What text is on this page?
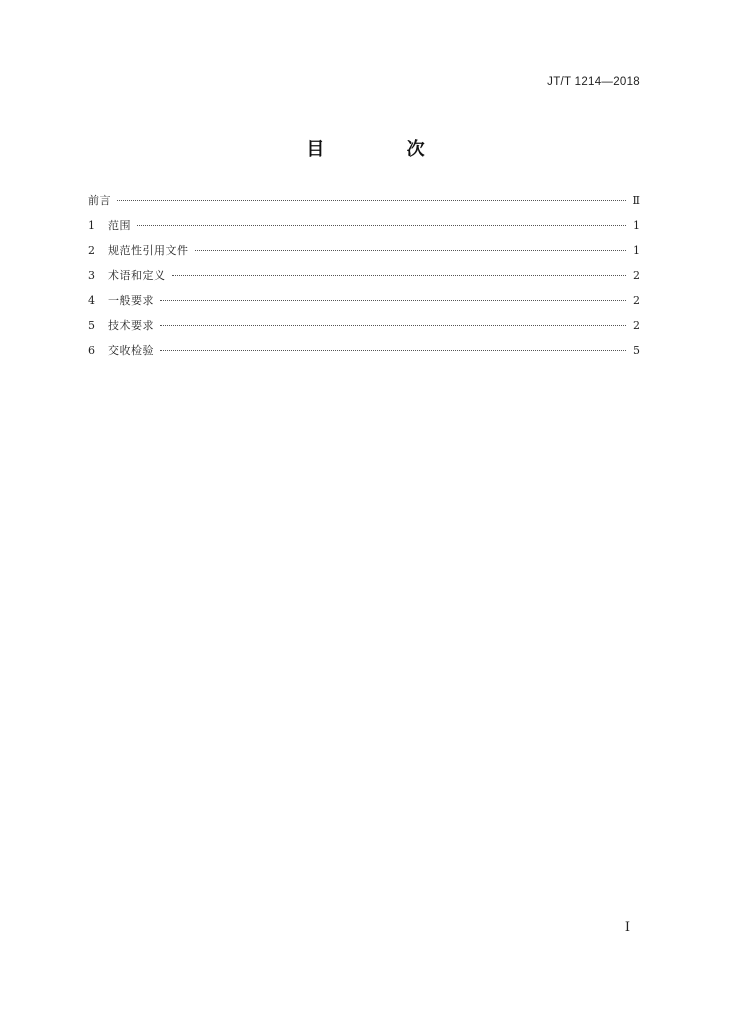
JT/T 1214—2018
目 次
前言	Ⅱ
1	范围	1
2	规范性引用文件	1
3	术语和定义	2
4	一般要求	2
5	技术要求	2
6	交收检验	5
Ⅰ
